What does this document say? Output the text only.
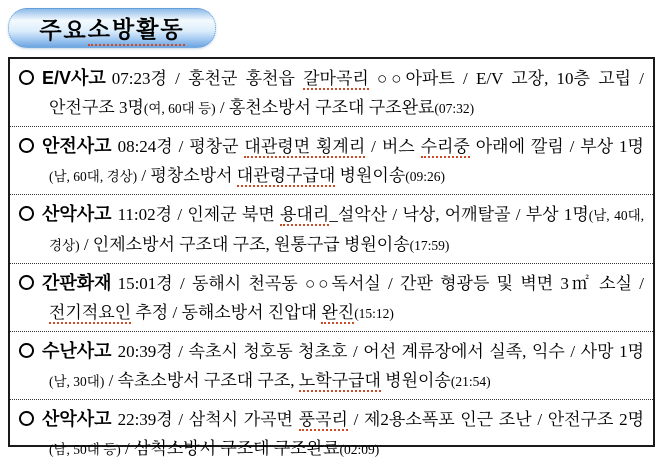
주요 소방활동

E/V사고 07:23경 / 홍천군 홍천읍 갈마곡리 ○○아파트 / E/V 고장, 10층 고립 / 안전구조 3명(여, 60대 등) / 홍천소방서 구조대 구조완료(07:32)

안전사고 08:24경 / 평창군 대관령면 횡계리 / 버스 수리중 아래에 깔림 / 부상 1명(남, 60대, 경상) / 평창소방서 대관령구급대 병원이송(09:26)

산악사고 11:02경 / 인제군 북면 용대리_설악산 / 낙상, 어깨탈골 / 부상 1명(남, 40대, 경상) / 인제소방서 구조대 구조, 원통구급 병원이송(17:59)

간판화재 15:01경 / 동해시 천곡동 ○○독서실 / 간판 형광등 및 벽면 3㎡ 소실 / 전기적요인 추정 / 동해소방서 진압대 완진(15:12)

수난사고 20:39경 / 속초시 청호동 청초호 / 어선 계류장에서 실족, 익수 / 사망 1명(남, 30대) / 속초소방서 구조대 구조, 노학구급대 병원이송(21:54)

산악사고 22:39경 / 삼척시 가곡면 풍곡리 / 제2용소폭포 인근 조난 / 안전구조 2명(남, 50대 등) / 삼척소방서 구조대 구조완료(02:09)
